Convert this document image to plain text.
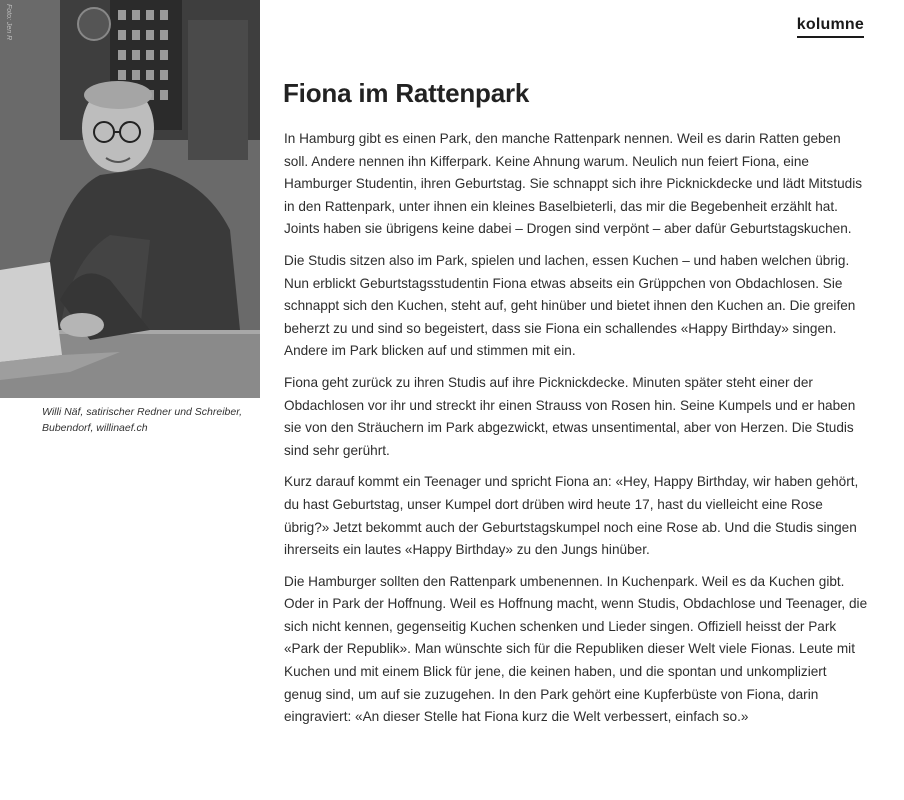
Foto: Jen R

Willi Näf, satirischer Redner und Schreiber, Bubendorf, willinaef.ch

kolumne
Fiona im Rattenpark

In Hamburg gibt es einen Park, den manche Rattenpark nennen. Weil es darin Ratten geben soll. Andere nennen ihn Kifferpark. Keine Ahnung warum. Neulich nun feiert Fiona, eine Hamburger Studentin, ihren Geburtstag. Sie schnappt sich ihre Picknickdecke und lädt Mitstudis in den Rattenpark, unter ihnen ein kleines Baselbieterli, das mir die Begebenheit erzählt hat. Joints haben sie übrigens keine dabei – Drogen sind verpönt – aber dafür Geburtstagskuchen.

Die Studis sitzen also im Park, spielen und lachen, essen Kuchen – und haben welchen übrig. Nun erblickt Geburtstagsstudentin Fiona etwas abseits ein Grüppchen von Obdachlosen. Sie schnappt sich den Kuchen, steht auf, geht hinüber und bietet ihnen den Kuchen an. Die greifen beherzt zu und sind so begeistert, dass sie Fiona ein schallendes «Happy Birthday» singen. Andere im Park blicken auf und stimmen mit ein.

Fiona geht zurück zu ihren Studis auf ihre Picknickdecke. Minuten später steht einer der Obdachlosen vor ihr und streckt ihr einen Strauss von Rosen hin. Seine Kumpels und er haben sie von den Sträuchern im Park abgezwickt, etwas unsentimental, aber von Herzen. Die Studis sind sehr gerührt.

Kurz darauf kommt ein Teenager und spricht Fiona an: «Hey, Happy Birthday, wir haben gehört, du hast Geburtstag, unser Kumpel dort drüben wird heute 17, hast du vielleicht eine Rose übrig?» Jetzt bekommt auch der Geburtstagskumpel noch eine Rose ab. Und die Studis singen ihrerseits ein lautes «Happy Birthday» zu den Jungs hinüber.

Die Hamburger sollten den Rattenpark umbenennen. In Kuchenpark. Weil es da Kuchen gibt. Oder in Park der Hoffnung. Weil es Hoffnung macht, wenn Studis, Obdachlose und Teenager, die sich nicht kennen, gegenseitig Kuchen schenken und Lieder singen. Offiziell heisst der Park «Park der Republik». Man wünschte sich für die Republiken dieser Welt viele Fionas. Leute mit Kuchen und mit einem Blick für jene, die keinen haben, und die spontan und unkompliziert genug sind, um auf sie zuzugehen. In den Park gehört eine Kupferbüste von Fiona, darin eingraviert: «An dieser Stelle hat Fiona kurz die Welt verbessert, einfach so.»
